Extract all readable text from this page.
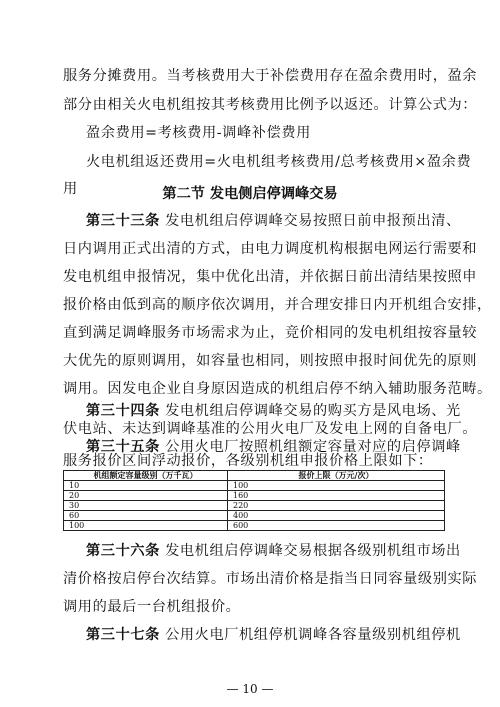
服务分摊费用。当考核费用大于补偿费用存在盈余费用时，盈余
部分由相关火电机组按其考核费用比例予以返还。计算公式为：
盈余费用=考核费用-调峰补偿费用
火电机组返还费用=火电机组考核费用/总考核费用×盈余费
用	第二节 发电侧启停调峰交易
第三十三条 发电机组启停调峰交易按照日前申报预出清、
日内调用正式出清的方式，由电力调度机构根据电网运行需要和
发电机组申报情况，集中优化出清，并依据日前出清结果按照申
报价格由低到高的顺序依次调用，并合理安排日内开机组合安排，
直到满足调峰服务市场需求为止，竞价相同的发电机组按容量较
大优先的原则调用，如容量也相同，则按照申报时间优先的原则
调用。因发电企业自身原因造成的机组启停不纳入辅助服务范畴。
第三十四条 发电机组启停调峰交易的购买方是风电场、光
伏电站、未达到调峰基准的公用火电厂及发电上网的自备电厂。
第三十五条 公用火电厂按照机组额定容量对应的启停调峰
服务报价区间浮动报价，各级别机组申报价格上限如下：
机组额定容量级别（万千瓦）	报价上限（万元/次）
10	100
20	160
30	220
60	400
100	600
第三十六条 发电机组启停调峰交易根据各级别机组市场出
清价格按启停台次结算。市场出清价格是指当日同容量级别实际
调用的最后一台机组报价。
第三十七条 公用火电厂机组停机调峰各容量级别机组停机
— 10 —
